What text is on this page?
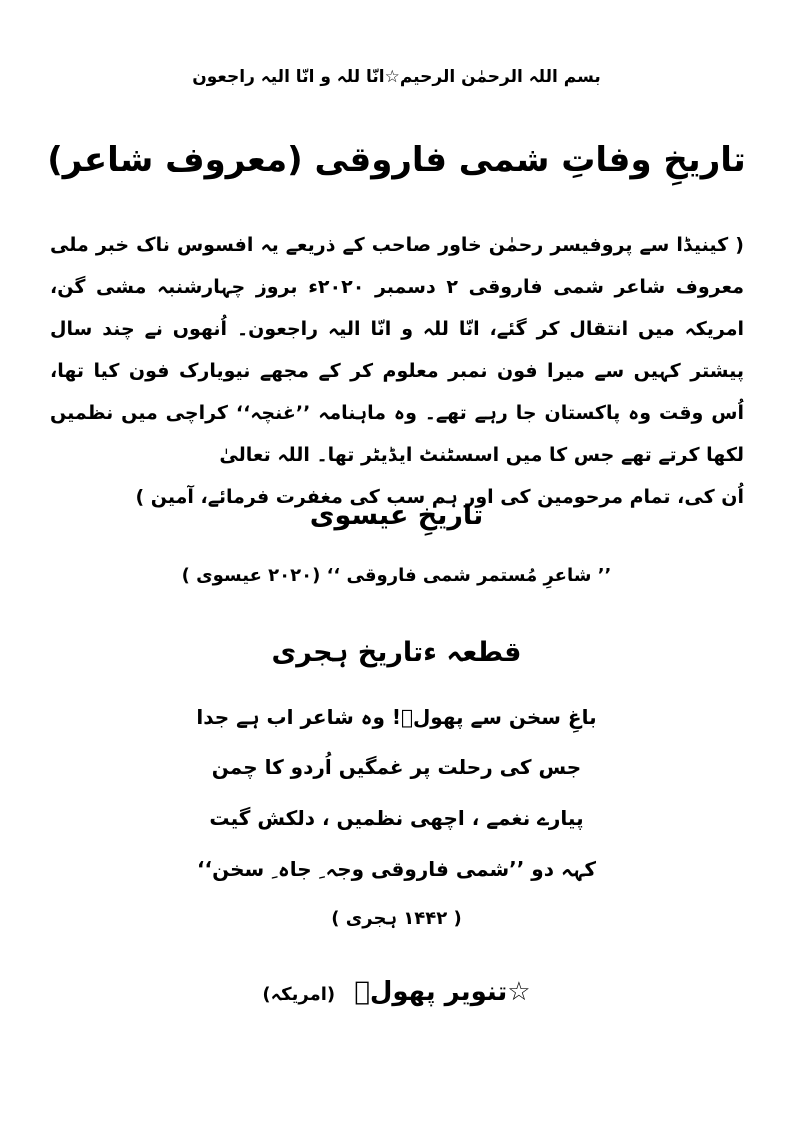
بسم اللہ الرحمٰن الرحیم☆انّا للہ و انّا الیہ راجعون
تاریخِ وفاتِ شمی فاروقی (معروف شاعر)
( کینیڈا سے پروفیسر رحمٰن خاور صاحب کے ذریعے یہ افسوس ناک خبر ملی معروف شاعر شمی فاروقی ۲ دسمبر ۲۰۲۰ء بروز چہارشنبہ مشی گن، امریکہ میں انتقال کر گئے، انّا للہ و انّا الیہ راجعون۔ اُنھوں نے چند سال پیشتر کہیں سے میرا فون نمبر معلوم کر کے مجھے نیویارک فون کیا تھا، اُس وقت وہ پاکستان جا رہے تھے۔ وہ ماہنامہ ’’غنچہ‘‘ کراچی میں نظمیں لکھا کرتے تھے جس کا میں اسسٹنٹ ایڈیٹر تھا۔ اللہ تعالیٰ
اُن کی، تمام مرحومین کی اور ہم سب کی مغفرت فرمائے، آمین )
تاریخِ عیسوی
’’ شاعرِ مُستمر شمی فاروقی ‘‘ (۲۰۲۰ عیسوی )
قطعہ ءتاریخ ہجری
باغِ سخن سے پھولؔ! وہ شاعر اب ہے جدا
جس کی رحلت پر غمگیں اُردو کا چمن
پیارے نغمے ، اچھی نظمیں ، دلکش گیت
کہہ دو ’’شمی فاروقی وجہ ِ جاہ ِ سخن‘‘
( ۱۴۴۲ ہجری )
☆تنویر پھولؔ (امریکہ)
